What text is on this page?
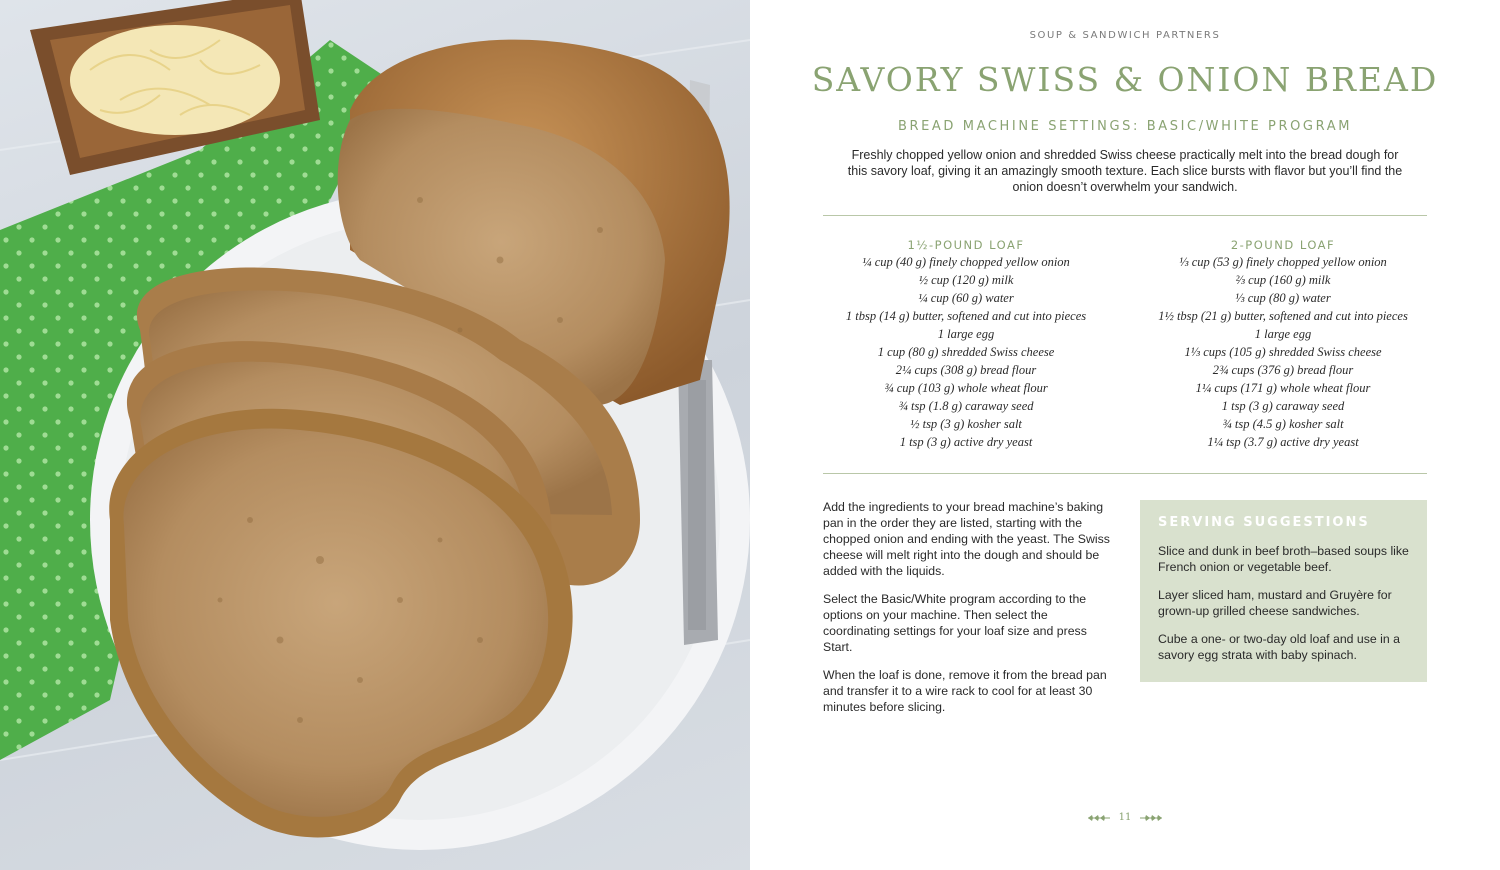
SOUP & SANDWICH PARTNERS
SAVORY SWISS & ONION BREAD
BREAD MACHINE SETTINGS: BASIC/WHITE PROGRAM

Freshly chopped yellow onion and shredded Swiss cheese practically melt into the bread dough for this savory loaf, giving it an amazingly smooth texture. Each slice bursts with flavor but you’ll find the onion doesn’t overwhelm your sandwich.

1½-POUND LOAF
¼ cup (40 g) finely chopped yellow onion
½ cup (120 g) milk
¼ cup (60 g) water
1 tbsp (14 g) butter, softened and cut into pieces
1 large egg
1 cup (80 g) shredded Swiss cheese
2¼ cups (308 g) bread flour
¾ cup (103 g) whole wheat flour
¾ tsp (1.8 g) caraway seed
½ tsp (3 g) kosher salt
1 tsp (3 g) active dry yeast
2-POUND LOAF
⅓ cup (53 g) finely chopped yellow onion
⅔ cup (160 g) milk
⅓ cup (80 g) water
1½ tbsp (21 g) butter, softened and cut into pieces
1 large egg
1⅓ cups (105 g) shredded Swiss cheese
2¾ cups (376 g) bread flour
1¼ cups (171 g) whole wheat flour
1 tsp (3 g) caraway seed
¾ tsp (4.5 g) kosher salt
1¼ tsp (3.7 g) active dry yeast

Add the ingredients to your bread machine’s baking pan in the order they are listed, starting with the chopped onion and ending with the yeast. The Swiss cheese will melt right into the dough and should be added with the liquids.

Select the Basic/White program according to the options on your machine. Then select the coordinating settings for your loaf size and press Start.

When the loaf is done, remove it from the bread pan and transfer it to a wire rack to cool for at least 30 minutes before slicing.

SERVING SUGGESTIONS

Slice and dunk in beef broth–based soups like French onion or vegetable beef.

Layer sliced ham, mustard and Gruyère for grown-up grilled cheese sandwiches.

Cube a one- or two-day old loaf and use in a savory egg strata with baby spinach.

11
